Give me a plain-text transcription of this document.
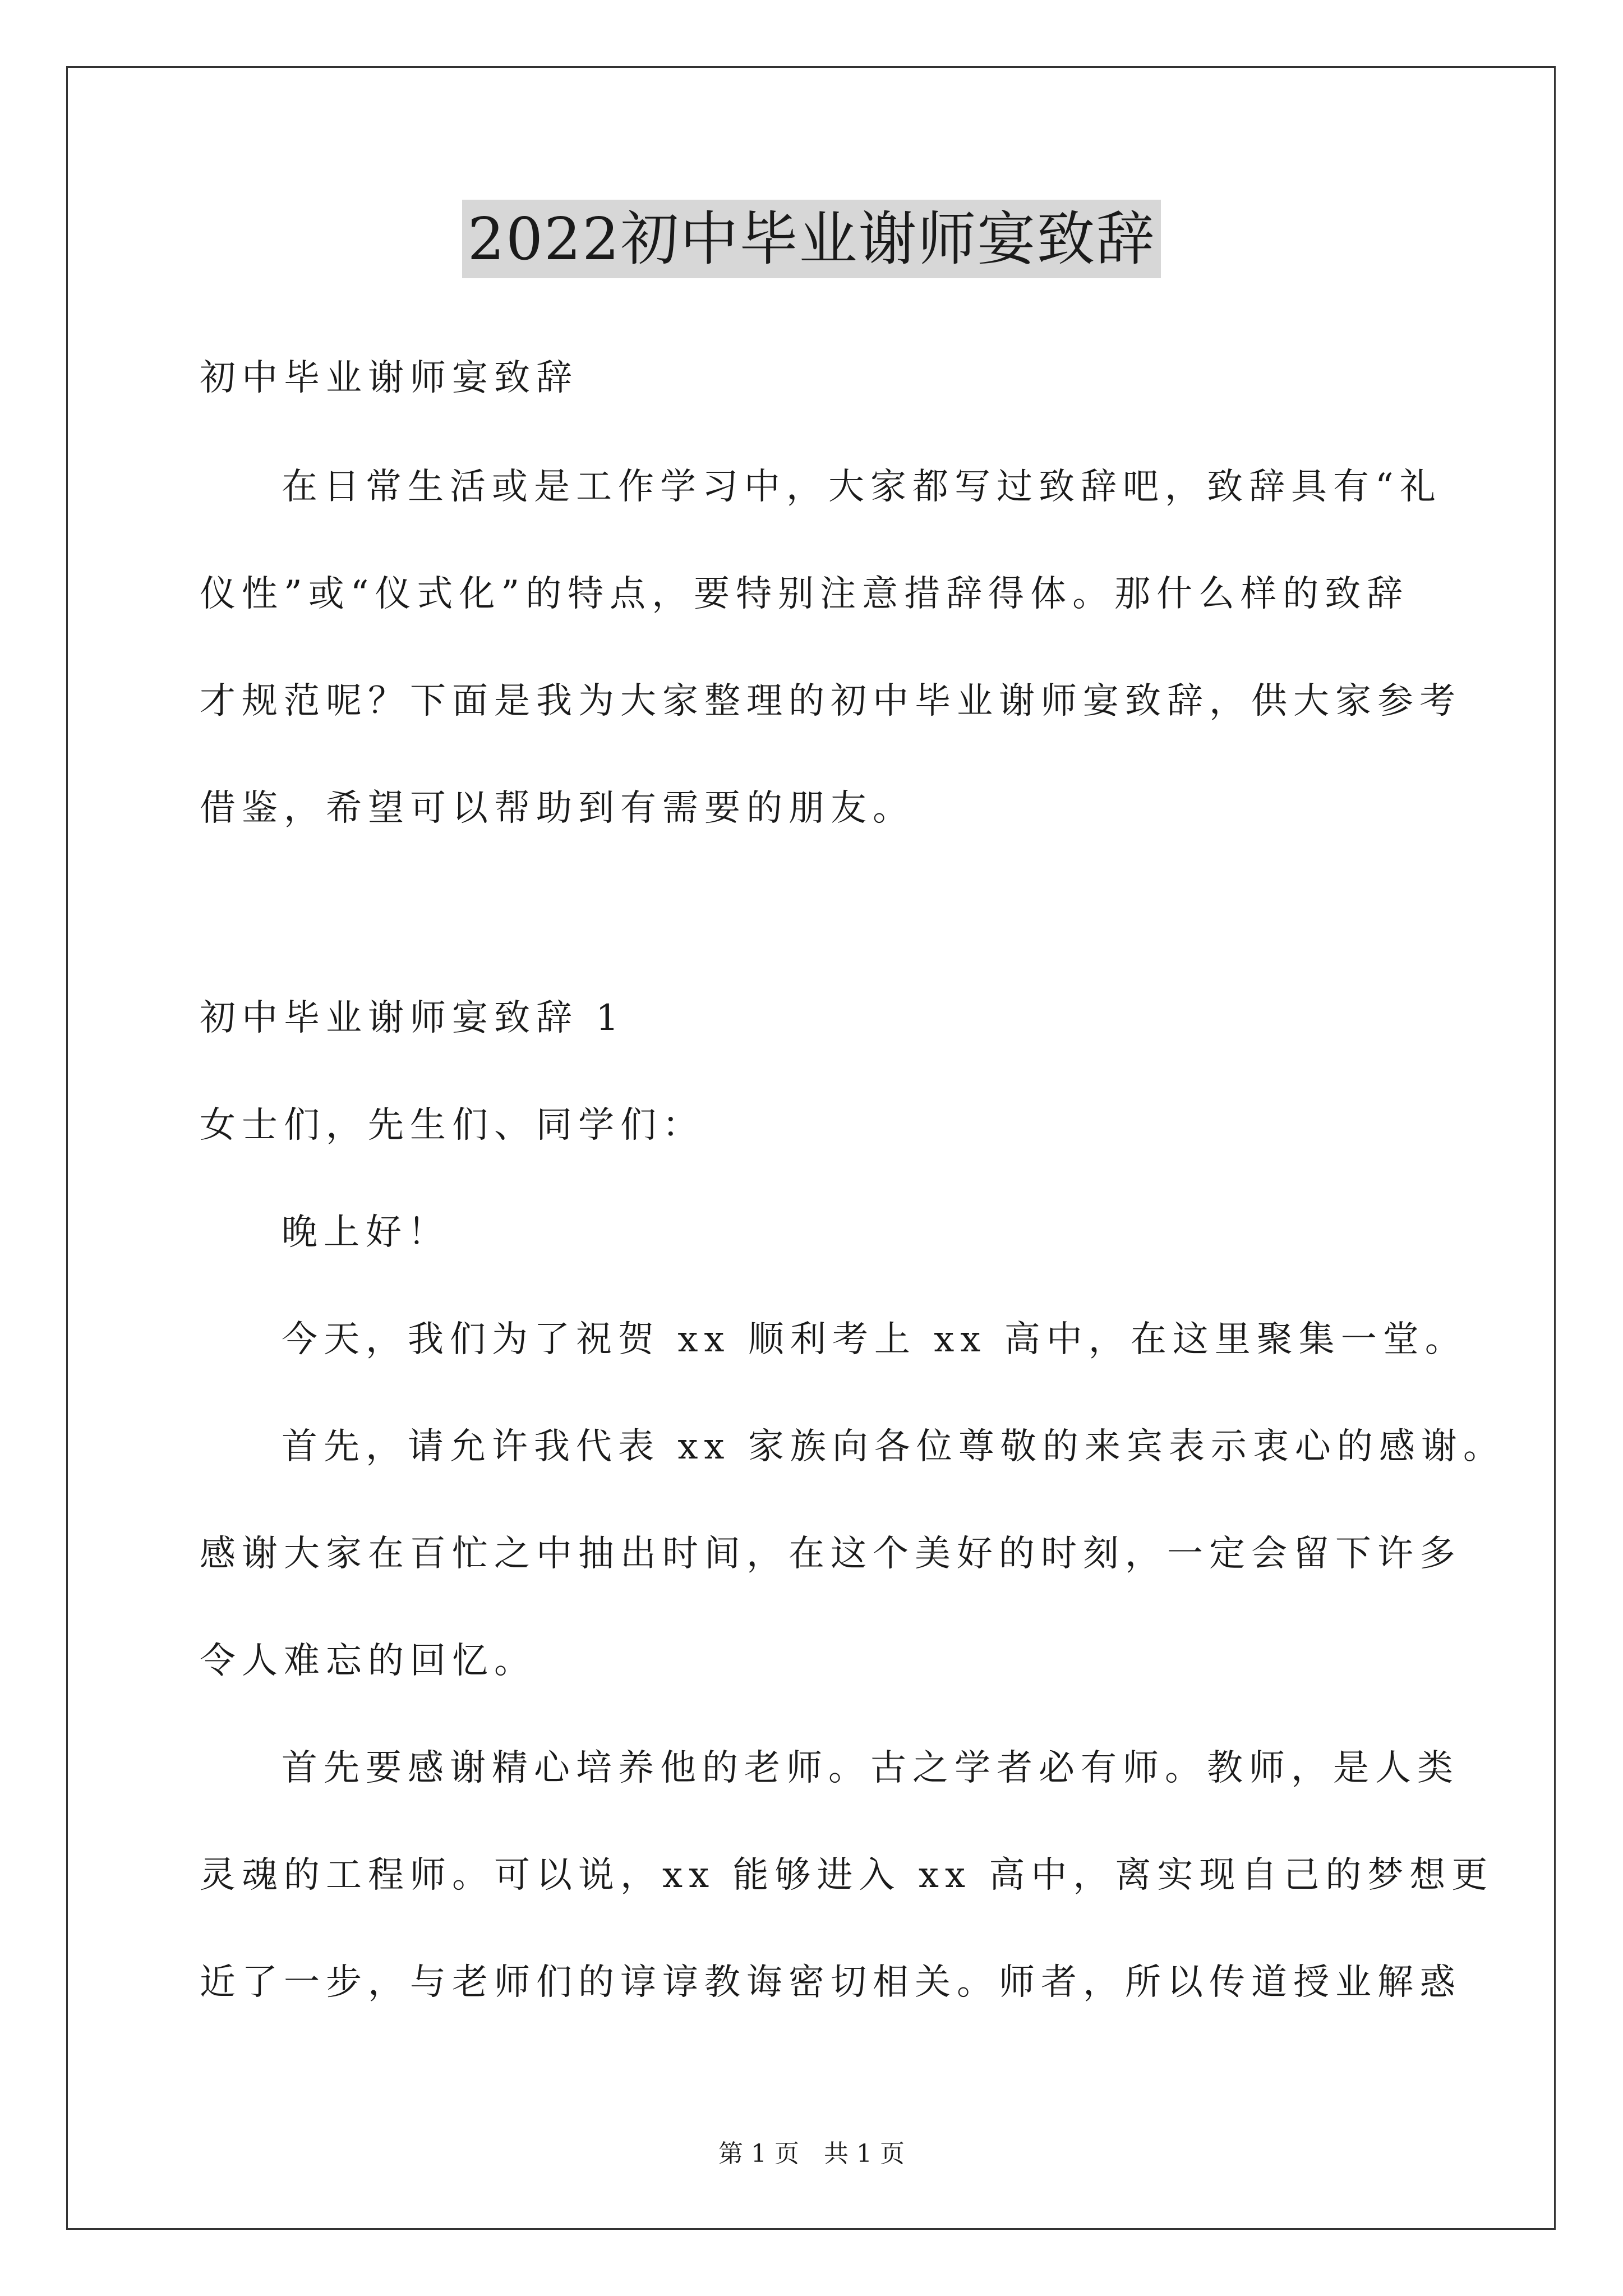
2022初中毕业谢师宴致辞
初中毕业谢师宴致辞
在日常生活或是工作学习中，大家都写过致辞吧，致辞具有“礼
仪性”或“仪式化”的特点，要特别注意措辞得体。那什么样的致辞
才规范呢？下面是我为大家整理的初中毕业谢师宴致辞，供大家参考
借鉴，希望可以帮助到有需要的朋友。
初中毕业谢师宴致辞 1
女士们，先生们、同学们：
晚上好！
今天，我们为了祝贺 xx 顺利考上 xx 高中，在这里聚集一堂。
首先，请允许我代表 xx 家族向各位尊敬的来宾表示衷心的感谢。
感谢大家在百忙之中抽出时间，在这个美好的时刻，一定会留下许多
令人难忘的回忆。
首先要感谢精心培养他的老师。古之学者必有师。教师，是人类
灵魂的工程师。可以说，xx 能够进入 xx 高中，离实现自己的梦想更
近了一步，与老师们的谆谆教诲密切相关。师者，所以传道授业解惑
第 1 页　共 1 页
